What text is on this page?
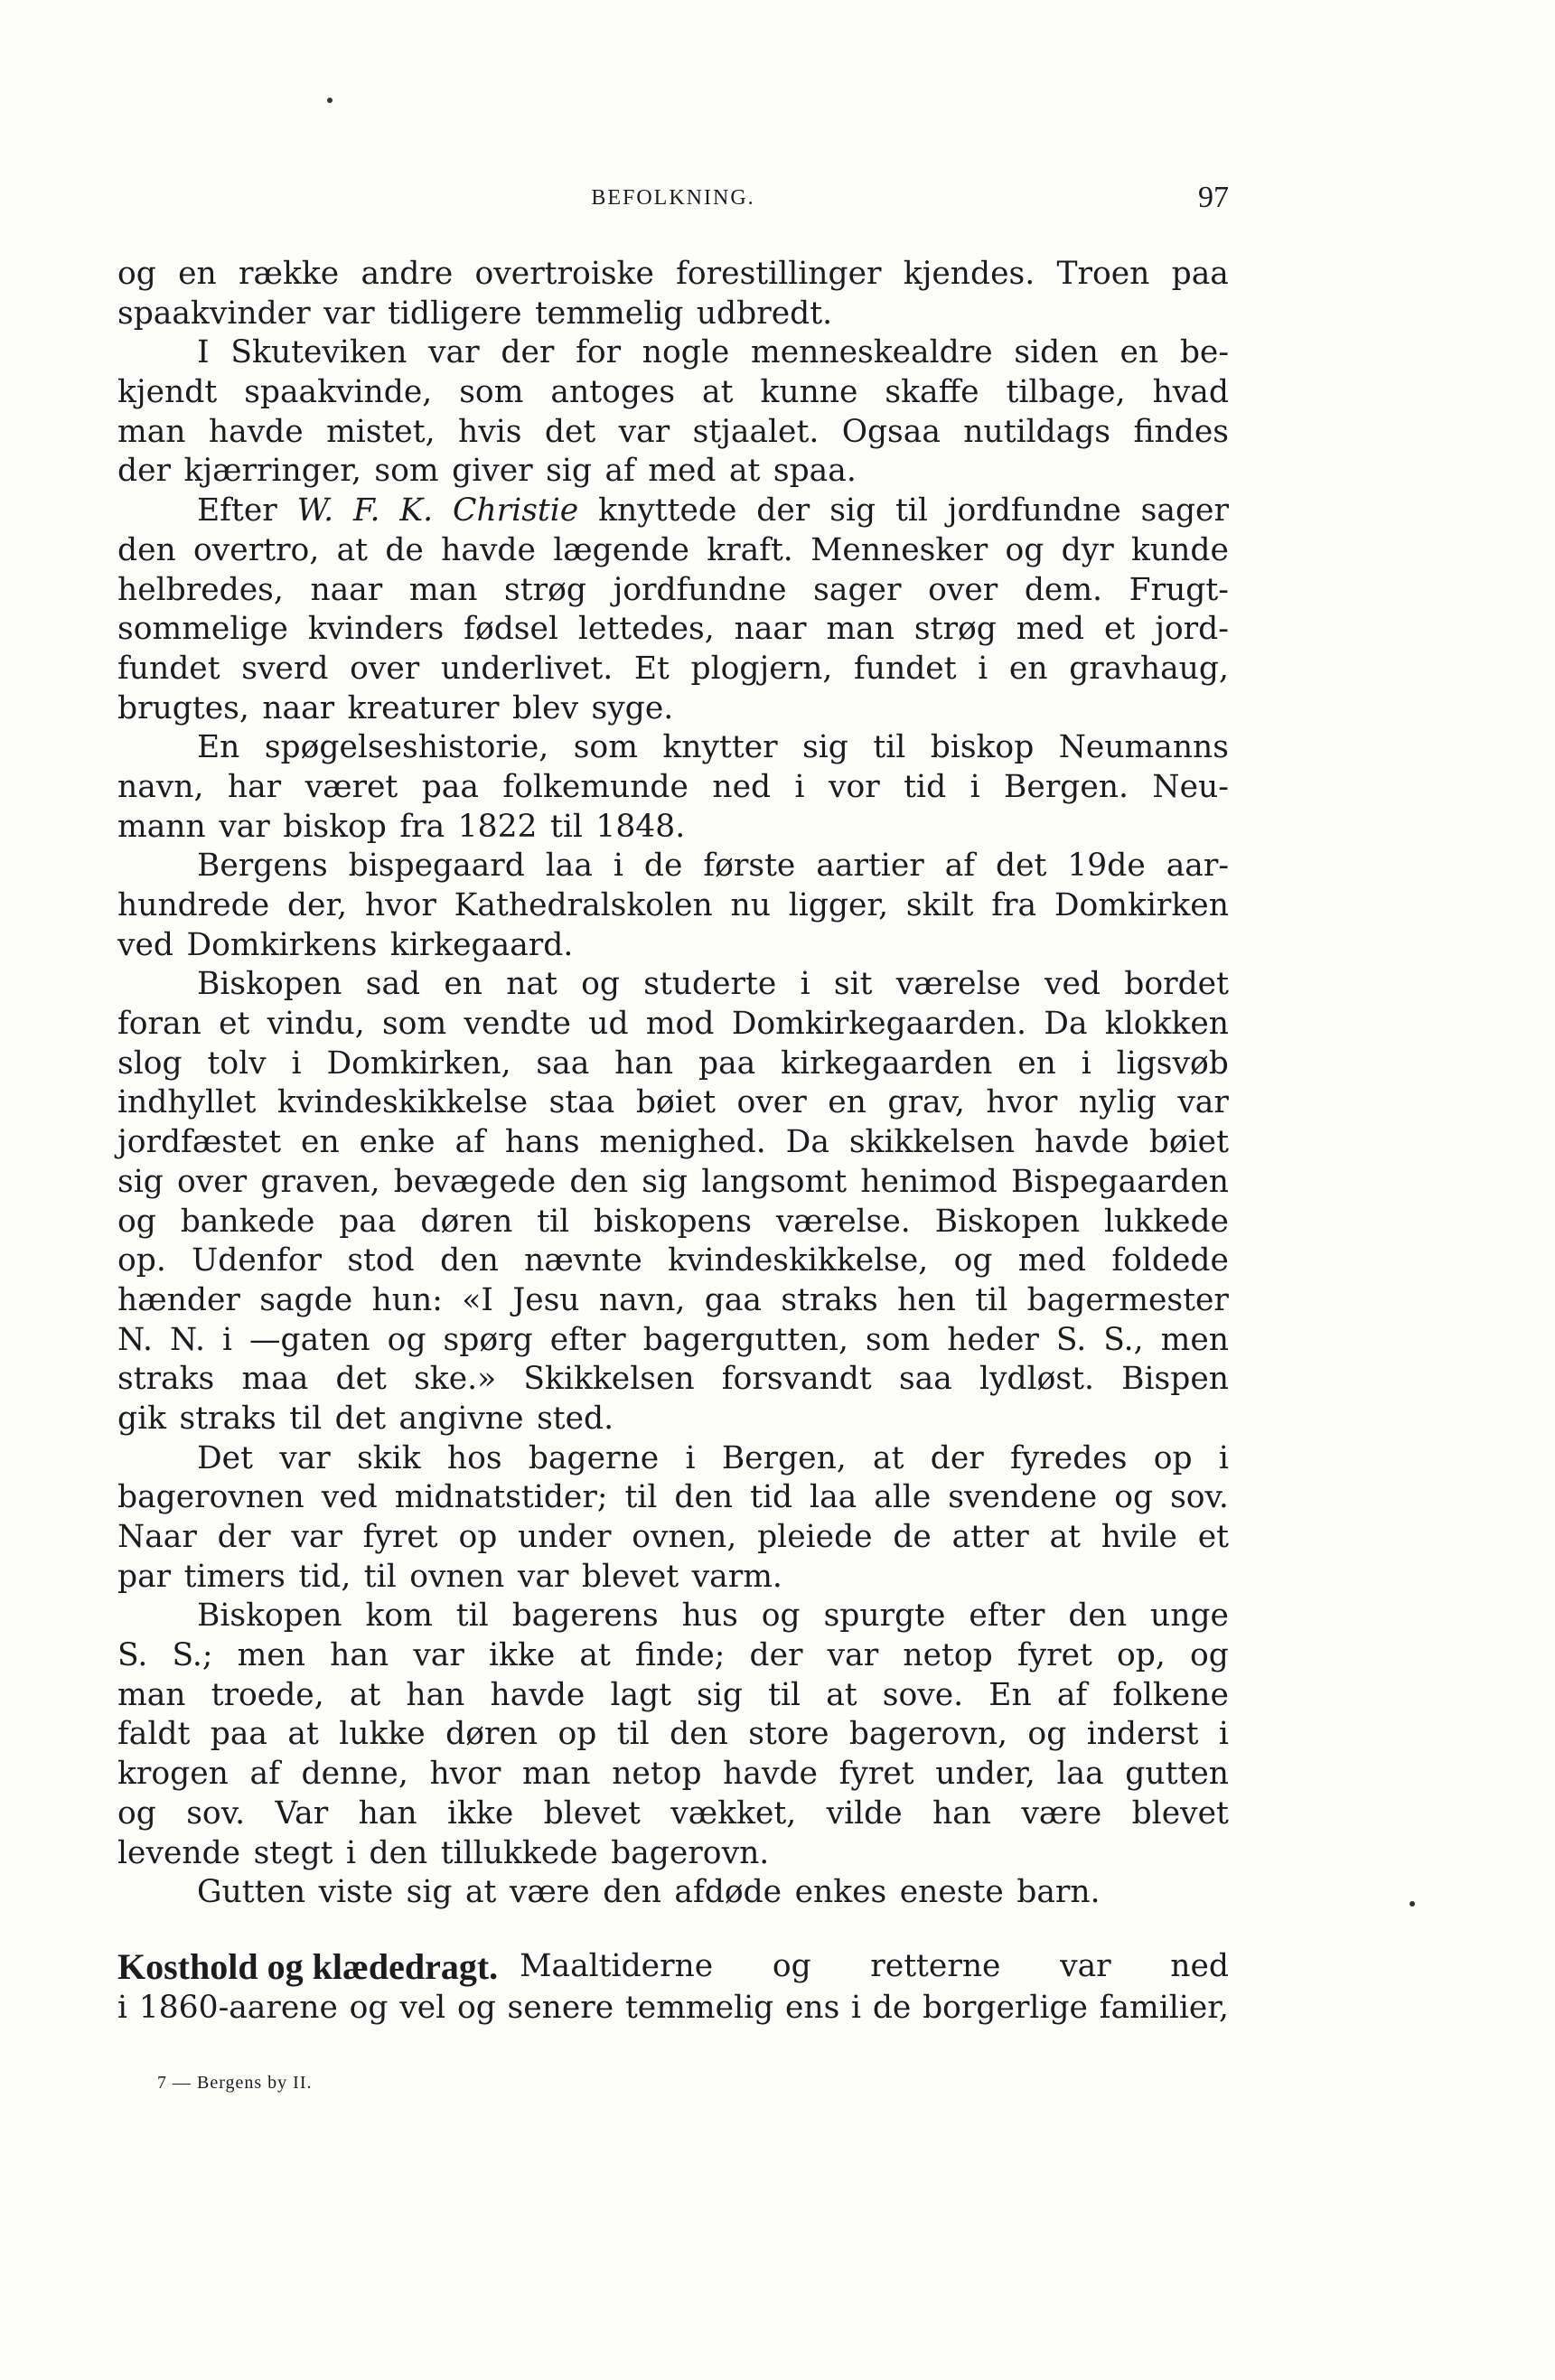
BEFOLKNING.	97
og en række andre overtroiske forestillinger kjendes. Troen paa
spaakvinder var tidligere temmelig udbredt.
I Skuteviken var der for nogle menneskealdre siden en be-
kjendt spaakvinde, som antoges at kunne skaffe tilbage, hvad
man havde mistet, hvis det var stjaalet. Ogsaa nutildags findes
der kjærringer, som giver sig af med at spaa.
Efter W. F. K. Christie knyttede der sig til jordfundne sager
den overtro, at de havde lægende kraft. Mennesker og dyr kunde
helbredes, naar man strøg jordfundne sager over dem. Frugt-
sommelige kvinders fødsel lettedes, naar man strøg med et jord-
fundet sverd over underlivet. Et plogjern, fundet i en gravhaug,
brugtes, naar kreaturer blev syge.
En spøgelseshistorie, som knytter sig til biskop Neumanns
navn, har været paa folkemunde ned i vor tid i Bergen. Neu-
mann var biskop fra 1822 til 1848.
Bergens bispegaard laa i de første aartier af det 19de aar-
hundrede der, hvor Kathedralskolen nu ligger, skilt fra Domkirken
ved Domkirkens kirkegaard.
Biskopen sad en nat og studerte i sit værelse ved bordet
foran et vindu, som vendte ud mod Domkirkegaarden. Da klokken
slog tolv i Domkirken, saa han paa kirkegaarden en i ligsvøb
indhyllet kvindeskikkelse staa bøiet over en grav, hvor nylig var
jordfæstet en enke af hans menighed. Da skikkelsen havde bøiet
sig over graven, bevægede den sig langsomt henimod Bispegaarden
og bankede paa døren til biskopens værelse. Biskopen lukkede
op. Udenfor stod den nævnte kvindeskikkelse, og med foldede
hænder sagde hun: «I Jesu navn, gaa straks hen til bagermester
N. N. i —gaten og spørg efter bagergutten, som heder S. S., men
straks maa det ske.» Skikkelsen forsvandt saa lydløst. Bispen
gik straks til det angivne sted.
Det var skik hos bagerne i Bergen, at der fyredes op i
bagerovnen ved midnatstider; til den tid laa alle svendene og sov.
Naar der var fyret op under ovnen, pleiede de atter at hvile et
par timers tid, til ovnen var blevet varm.
Biskopen kom til bagerens hus og spurgte efter den unge
S. S.; men han var ikke at finde; der var netop fyret op, og
man troede, at han havde lagt sig til at sove. En af folkene
faldt paa at lukke døren op til den store bagerovn, og inderst i
krogen af denne, hvor man netop havde fyret under, laa gutten
og sov. Var han ikke blevet vækket, vilde han være blevet
levende stegt i den tillukkede bagerovn.
Gutten viste sig at være den afdøde enkes eneste barn.
Kosthold og klædedragt. Maaltiderne og retterne var ned
i 1860-aarene og vel og senere temmelig ens i de borgerlige familier,
7 — Bergens by II.
